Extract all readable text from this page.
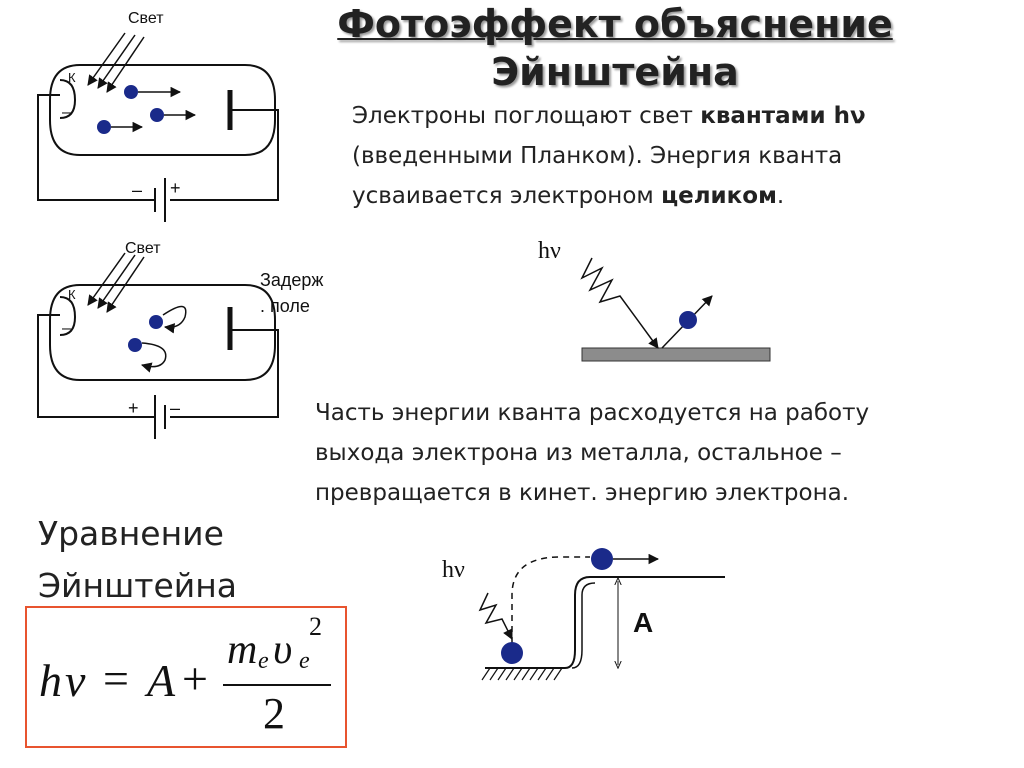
Фотоэффект объяснение
Эйнштейна
Свет
К
–
– +
Свет
К
–
Задерж
. поле
+ –
Электроны поглощают свет квантами hν
(введенными Планком). Энергия кванта
усваивается электроном целиком.
hν
Часть энергии кванта расходуется на работу
выхода электрона из металла, остальное –
превращается в кинет. энергию электрона.
Уравнение
Эйнштейна
h ν = A +
m e υ e
2
2
hν
A
